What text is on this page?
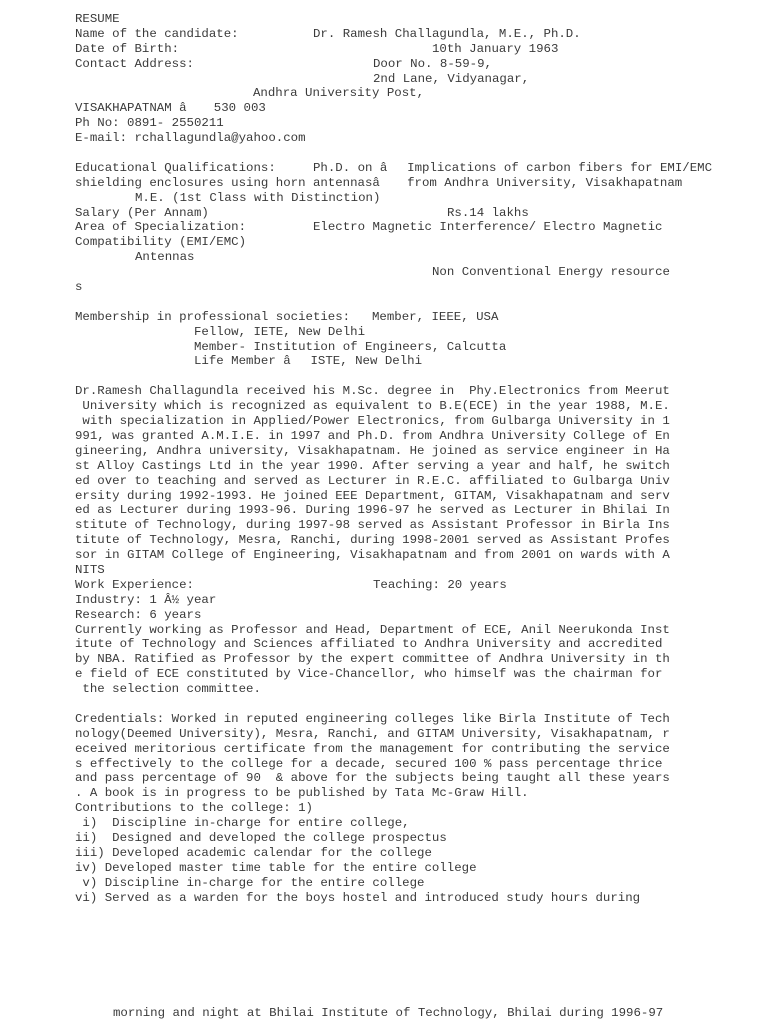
RESUME
Name of the candidate:	Dr. Ramesh Challagundla, M.E., Ph.D.
Date of Birth:	10th January 1963
Contact Address:	Door No. 8-59-9,
2nd Lane, Vidyanagar,
Andhra University Post,
VISAKHAPATNAM â 530 003
Ph No: 0891- 2550211
E-mail: rchallagundla@yahoo.com
Educational Qualifications:	Ph.D. on âImplications of carbon fibers for EMI/EMC
shielding enclosures using horn antennasâ from Andhra University, Visakhapatnam
M.E. (1st Class with Distinction)
Salary (Per Annam)	Rs.14 lakhs
Area of Specialization:	Electro Magnetic Interference/ Electro Magnetic
Compatibility (EMI/EMC)
Antennas
Non Conventional Energy resource
s
Membership in professional societies: Member, IEEE, USA
Fellow, IETE, New Delhi
Member- Institution of Engineers, Calcutta
Life Member âISTE, New Delhi
Dr.Ramesh Challagundla received his M.Sc. degree in  Phy.Electronics from Meerut
University which is recognized as equivalent to B.E(ECE) in the year 1988, M.E.
with specialization in Applied/Power Electronics, from Gulbarga University in 1
991, was granted A.M.I.E. in 1997 and Ph.D. from Andhra University College of En
gineering, Andhra university, Visakhapatnam. He joined as service engineer in Ha
st Alloy Castings Ltd in the year 1990. After serving a year and half, he switch
ed over to teaching and served as Lecturer in R.E.C. affiliated to Gulbarga Univ
ersity during 1992-1993. He joined EEE Department, GITAM, Visakhapatnam and serv
ed as Lecturer during 1993-96. During 1996-97 he served as Lecturer in Bhilai In
stitute of Technology, during 1997-98 served as Assistant Professor in Birla Ins
titute of Technology, Mesra, Ranchi, during 1998-2001 served as Assistant Profes
sor in GITAM College of Engineering, Visakhapatnam and from 2001 on wards with A
NITS
Work Experience:	Teaching: 20 years
Industry: 1 Â½ year
Research: 6 years
Currently working as Professor and Head, Department of ECE, Anil Neerukonda Inst
itute of Technology and Sciences affiliated to Andhra University and accredited
by NBA. Ratified as Professor by the expert committee of Andhra University in th
e field of ECE constituted by Vice-Chancellor, who himself was the chairman for
the selection committee.
Credentials: Worked in reputed engineering colleges like Birla Institute of Tech
nology(Deemed University), Mesra, Ranchi, and GITAM University, Visakhapatnam, r
eceived meritorious certificate from the management for contributing the service
s effectively to the college for a decade, secured 100 % pass percentage thrice
and pass percentage of 90  & above for the subjects being taught all these years
. A book is in progress to be published by Tata Mc-Graw Hill.
Contributions to the college: 1)
i)  Discipline in-charge for entire college,
ii)  Designed and developed the college prospectus
iii) Developed academic calendar for the college
iv) Developed master time table for the entire college
v) Discipline in-charge for the entire college
vi) Served as a warden for the boys hostel and introduced study hours during
morning and night at Bhilai Institute of Technology, Bhilai during 1996-97
